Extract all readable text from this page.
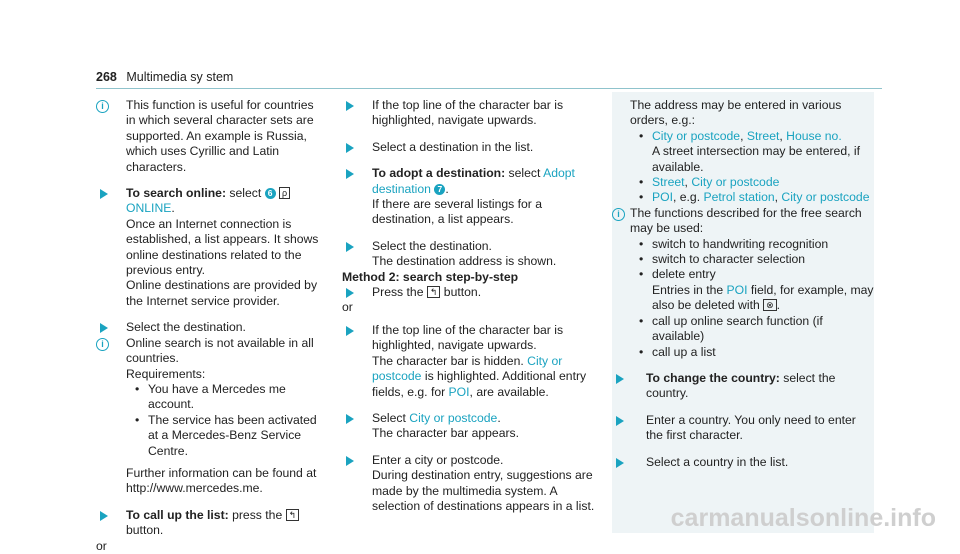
268 Multimedia sy stem
i	This function is useful for countries in which several character sets are supported. An example is Russia, which uses Cyrillic and Latin characters.

To search online: select 6 ρ ONLINE.

Once an Internet connection is established, a list appears. It shows online destinations related to the previous entry.

Online destinations are provided by the Internet service provider.

Select the destination.

i	Online search is not available in all countries.

Requirements:

• You have a Mercedes me account.
• The service has been activated at a Mercedes-Benz Service Centre.

Further information can be found at http://www.mercedes.me.

To call up the list: press the ↰ button.

or

If the top line of the character bar is highlighted, navigate upwards.

Select a destination in the list.

To adopt a destination: select Adopt destination 7 .

If there are several listings for a destination, a list appears.

Select the destination.

The destination address is shown.

Method 2: search step-by-step

Press the ↰ button.

or

If the top line of the character bar is highlighted, navigate upwards.

The character bar is hidden. City or postcode is highlighted. Additional entry fields, e.g. for POI, are available.

Select City or postcode.

The character bar appears.

Enter a city or postcode.

During destination entry, suggestions are made by the multimedia system. A selection of destinations appears in a list.

The address may be entered in various orders, e.g.:

• City or postcode, Street, House no.

A street intersection may be entered, if available.

• Street, City or postcode
• POI, e.g. Petrol station, City or postcode
i The functions described for the free search may be used:

• switch to handwriting recognition
• switch to character selection
• delete entry

Entries in the POI field, for example, may also be deleted with ⊗ .

• call up online search function (if available)
• call up a list

To change the country: select the country.

Enter a country. You only need to enter the first character.

Select a country in the list.

carmanualsonline.info
